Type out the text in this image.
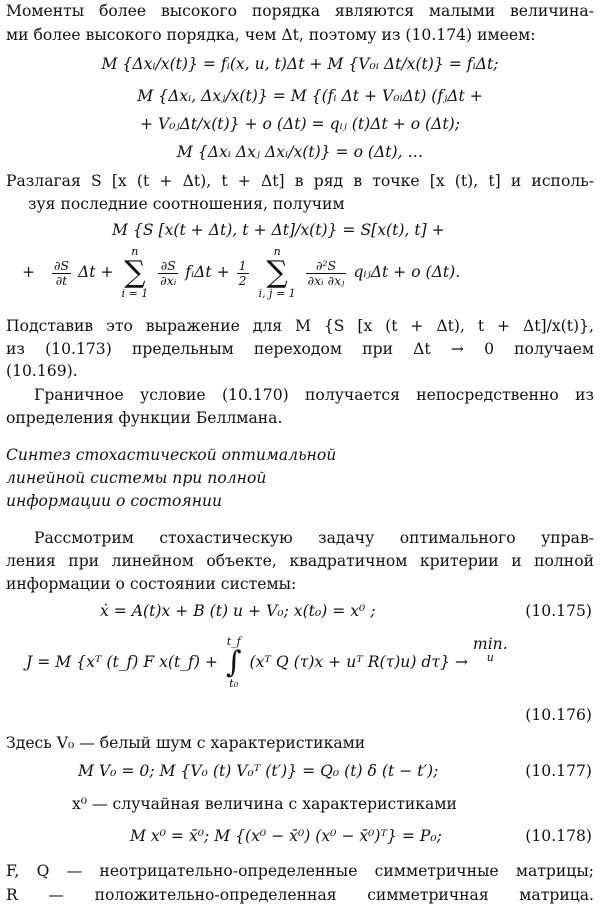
Моменты более высокого порядка являются малыми величина-
ми более высокого порядка, чем Δt, поэтому из (10.174) имеем:
M {Δxᵢ/x(t)} = fᵢ(x, u, t)Δt + M {V₀ᵢ Δt/x(t)} = fᵢΔt;
M {Δxᵢ, Δxⱼ/x(t)} = M {(fᵢ Δt + V₀ᵢΔt) (fⱼΔt +
+ V₀ⱼΔt/x(t)} + o (Δt) = qᵢⱼ (t)Δt + o (Δt);
M {Δxᵢ Δxⱼ Δxᵢ/x(t)} = o (Δt), …
Разлагая S [x (t + Δt), t + Δt] в ряд в точке [x (t), t] и исполь-
зуя последние соотношения, получим
M {S [x(t + Δt), t + Δt]/x(t)} = S[x(t), t] +
+ $\frac{\partial S}{\partial t}$ Δt +
n
∑
i = 1

$\frac{\partial S}{\text{∂xᵢ}}$ fᵢΔt + $\frac{1}{2}$

n
∑
i, j = 1

$\frac{\text{∂²S}}{\text{∂xᵢ ∂xⱼ}}$ qᵢⱼΔt + o (Δt).
Подставив это выражение для M {S [x (t + Δt), t + Δt]/x(t)},
из (10.173) предельным переходом при Δt → 0 получаем
(10.169).
Граничное условие (10.170) получается непосредственно из
определения функции Беллмана.
Синтез стохастической оптимальной
линейной системы при полной
информации о состоянии
Рассмотрим стохастическую задачу оптимального управ-
ления при линейном объекте, квадратичном критерии и полной
информации о состоянии системы:
ẋ = A(t)x + B (t) u + V₀; x(t₀) = x⁰ ;	(10.175)
J = M {xᵀ (t_f) F x(t_f) +
t_f
∫
t₀
(xᵀ Q (τ)x + uᵀ R(τ)u) dτ} → min.
u
(10.176)
Здесь V₀ — белый шум с характеристиками
M V₀ = 0; M {V₀ (t) V₀ᵀ (t′)} = Q₀ (t) δ (t − t′);	(10.177)
x⁰ — случайная величина с характеристиками
M x⁰ = x̄⁰; M {(x⁰ − x̄⁰) (x⁰ − x̄⁰)ᵀ} = P₀;	(10.178)
F, Q — неотрицательно-определенные симметричные матрицы;
R — положительно-определенная симметричная матрица.
